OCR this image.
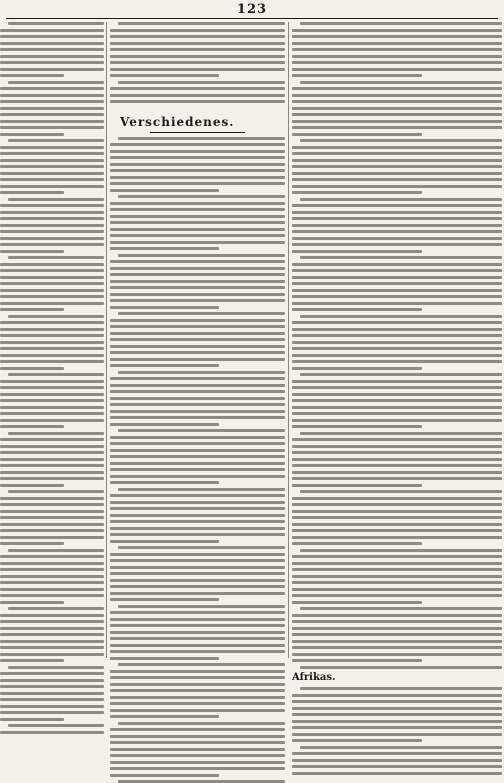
123
Verschiedenes.
Afrikas.
